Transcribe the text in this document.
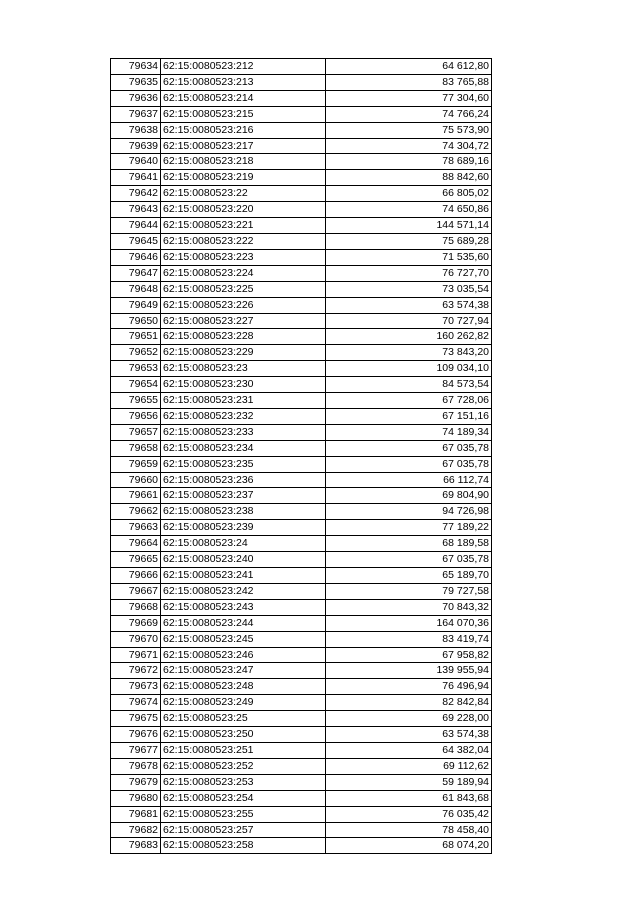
79634	62:15:0080523:212	64 612,80
79635	62:15:0080523:213	83 765,88
79636	62:15:0080523:214	77 304,60
79637	62:15:0080523:215	74 766,24
79638	62:15:0080523:216	75 573,90
79639	62:15:0080523:217	74 304,72
79640	62:15:0080523:218	78 689,16
79641	62:15:0080523:219	88 842,60
79642	62:15:0080523:22	66 805,02
79643	62:15:0080523:220	74 650,86
79644	62:15:0080523:221	144 571,14
79645	62:15:0080523:222	75 689,28
79646	62:15:0080523:223	71 535,60
79647	62:15:0080523:224	76 727,70
79648	62:15:0080523:225	73 035,54
79649	62:15:0080523:226	63 574,38
79650	62:15:0080523:227	70 727,94
79651	62:15:0080523:228	160 262,82
79652	62:15:0080523:229	73 843,20
79653	62:15:0080523:23	109 034,10
79654	62:15:0080523:230	84 573,54
79655	62:15:0080523:231	67 728,06
79656	62:15:0080523:232	67 151,16
79657	62:15:0080523:233	74 189,34
79658	62:15:0080523:234	67 035,78
79659	62:15:0080523:235	67 035,78
79660	62:15:0080523:236	66 112,74
79661	62:15:0080523:237	69 804,90
79662	62:15:0080523:238	94 726,98
79663	62:15:0080523:239	77 189,22
79664	62:15:0080523:24	68 189,58
79665	62:15:0080523:240	67 035,78
79666	62:15:0080523:241	65 189,70
79667	62:15:0080523:242	79 727,58
79668	62:15:0080523:243	70 843,32
79669	62:15:0080523:244	164 070,36
79670	62:15:0080523:245	83 419,74
79671	62:15:0080523:246	67 958,82
79672	62:15:0080523:247	139 955,94
79673	62:15:0080523:248	76 496,94
79674	62:15:0080523:249	82 842,84
79675	62:15:0080523:25	69 228,00
79676	62:15:0080523:250	63 574,38
79677	62:15:0080523:251	64 382,04
79678	62:15:0080523:252	69 112,62
79679	62:15:0080523:253	59 189,94
79680	62:15:0080523:254	61 843,68
79681	62:15:0080523:255	76 035,42
79682	62:15:0080523:257	78 458,40
79683	62:15:0080523:258	68 074,20
